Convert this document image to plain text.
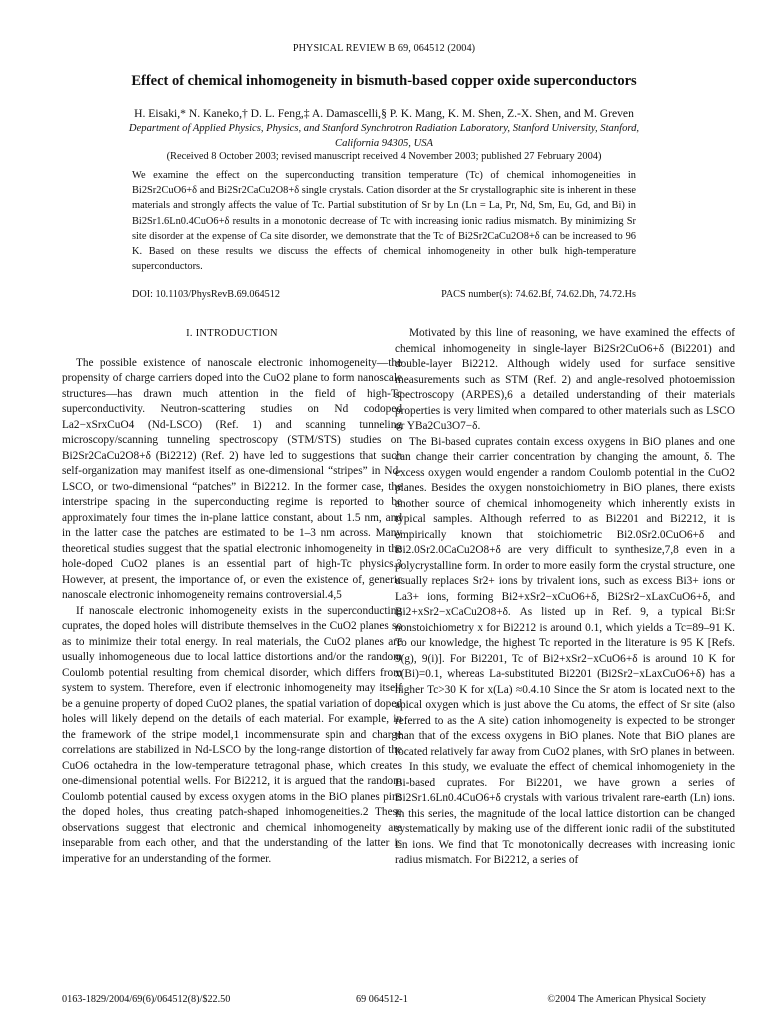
PHYSICAL REVIEW B 69, 064512 (2004)
Effect of chemical inhomogeneity in bismuth-based copper oxide superconductors
H. Eisaki,* N. Kaneko,† D. L. Feng,‡ A. Damascelli,§ P. K. Mang, K. M. Shen, Z.-X. Shen, and M. Greven
Department of Applied Physics, Physics, and Stanford Synchrotron Radiation Laboratory, Stanford University, Stanford, California 94305, USA
(Received 8 October 2003; revised manuscript received 4 November 2003; published 27 February 2004)
We examine the effect on the superconducting transition temperature (Tc) of chemical inhomogeneities in Bi2Sr2CuO6+δ and Bi2Sr2CaCu2O8+δ single crystals. Cation disorder at the Sr crystallographic site is inherent in these materials and strongly affects the value of Tc. Partial substitution of Sr by Ln (Ln = La, Pr, Nd, Sm, Eu, Gd, and Bi) in Bi2Sr1.6Ln0.4CuO6+δ results in a monotonic decrease of Tc with increasing ionic radius mismatch. By minimizing Sr site disorder at the expense of Ca site disorder, we demonstrate that the Tc of Bi2Sr2CaCu2O8+δ can be increased to 96 K. Based on these results we discuss the effects of chemical inhomogeneity in other bulk high-temperature superconductors.
DOI: 10.1103/PhysRevB.69.064512	PACS number(s): 74.62.Bf, 74.62.Dh, 74.72.Hs
I. INTRODUCTION

The possible existence of nanoscale electronic inhomogeneity—the propensity of charge carriers doped into the CuO2 plane to form nanoscale structures—has drawn much attention in the field of high-Tc superconductivity. Neutron-scattering studies on Nd codoped La2−xSrxCuO4 (Nd-LSCO) (Ref. 1) and scanning tunneling microscopy/scanning tunneling spectroscopy (STM/STS) studies on Bi2Sr2CaCu2O8+δ (Bi2212) (Ref. 2) have led to suggestions that such self-organization may manifest itself as one-dimensional “stripes” in Nd-LSCO, or two-dimensional “patches” in Bi2212. In the former case, the interstripe spacing in the superconducting regime is reported to be approximately four times the in-plane lattice constant, about 1.5 nm, and in the latter case the patches are estimated to be 1–3 nm across. Many theoretical studies suggest that the spatial electronic inhomogeneity in the hole-doped CuO2 planes is an essential part of high-Tc physics.3 However, at present, the importance of, or even the existence of, generic nanoscale electronic inhomogeneity remains controversial.4,5

If nanoscale electronic inhomogeneity exists in the superconducting cuprates, the doped holes will distribute themselves in the CuO2 planes so as to minimize their total energy. In real materials, the CuO2 planes are usually inhomogeneous due to local lattice distortions and/or the random Coulomb potential resulting from chemical disorder, which differs from system to system. Therefore, even if electronic inhomogeneity may itself be a genuine property of doped CuO2 planes, the spatial variation of doped holes will likely depend on the details of each material. For example, in the framework of the stripe model,1 incommensurate spin and charge correlations are stabilized in Nd-LSCO by the long-range distortion of the CuO6 octahedra in the low-temperature tetragonal phase, which creates one-dimensional potential wells. For Bi2212, it is argued that the random Coulomb potential caused by excess oxygen atoms in the BiO planes pins the doped holes, thus creating patch-shaped inhomogeneities.2 These observations suggest that electronic and chemical inhomogeneity are inseparable from each other, and that the understanding of the latter is imperative for an understanding of the former.

Motivated by this line of reasoning, we have examined the effects of chemical inhomogeneity in single-layer Bi2Sr2CuO6+δ (Bi2201) and double-layer Bi2212. Although widely used for surface sensitive measurements such as STM (Ref. 2) and angle-resolved photoemission spectroscopy (ARPES),6 a detailed understanding of their materials properties is very limited when compared to other materials such as LSCO or YBa2Cu3O7−δ.

The Bi-based cuprates contain excess oxygens in BiO planes and one can change their carrier concentration by changing the amount, δ. The excess oxygen would engender a random Coulomb potential in the CuO2 planes. Besides the oxygen nonstoichiometry in BiO planes, there exists another source of chemical inhomogeneity which inherently exists in typical samples. Although referred to as Bi2201 and Bi2212, it is empirically known that stoichiometric Bi2.0Sr2.0CuO6+δ and Bi2.0Sr2.0CaCu2O8+δ are very difficult to synthesize,7,8 even in a polycrystalline form. In order to more easily form the crystal structure, one usually replaces Sr2+ ions by trivalent ions, such as excess Bi3+ ions or La3+ ions, forming Bi2+xSr2−xCuO6+δ, Bi2Sr2−xLaxCuO6+δ, and Bi2+xSr2−xCaCu2O8+δ. As listed up in Ref. 9, a typical Bi:Sr nonstoichiometry x for Bi2212 is around 0.1, which yields a Tc=89–91 K. To our knowledge, the highest Tc reported in the literature is 95 K [Refs. 9(g), 9(i)]. For Bi2201, Tc of Bi2+xSr2−xCuO6+δ is around 10 K for x(Bi)=0.1, whereas La-substituted Bi2201 (Bi2Sr2−xLaxCuO6+δ) has a higher Tc>30 K for x(La) ≈0.4.10 Since the Sr atom is located next to the apical oxygen which is just above the Cu atoms, the effect of Sr site (also referred to as the A site) cation inhomogeneity is expected to be stronger than that of the excess oxygens in BiO planes. Note that BiO planes are located relatively far away from CuO2 planes, with SrO planes in between.

In this study, we evaluate the effect of chemical inhomogeniety in the Bi-based cuprates. For Bi2201, we have grown a series of Bi2Sr1.6Ln0.4CuO6+δ crystals with various trivalent rare-earth (Ln) ions. In this series, the magnitude of the local lattice distortion can be changed systematically by making use of the different ionic radii of the substituted Ln ions. We find that Tc monotonically decreases with increasing ionic radius mismatch. For Bi2212, a series of

0163-1829/2004/69(6)/064512(8)/$22.50	69 064512-1	©2004 The American Physical Society
